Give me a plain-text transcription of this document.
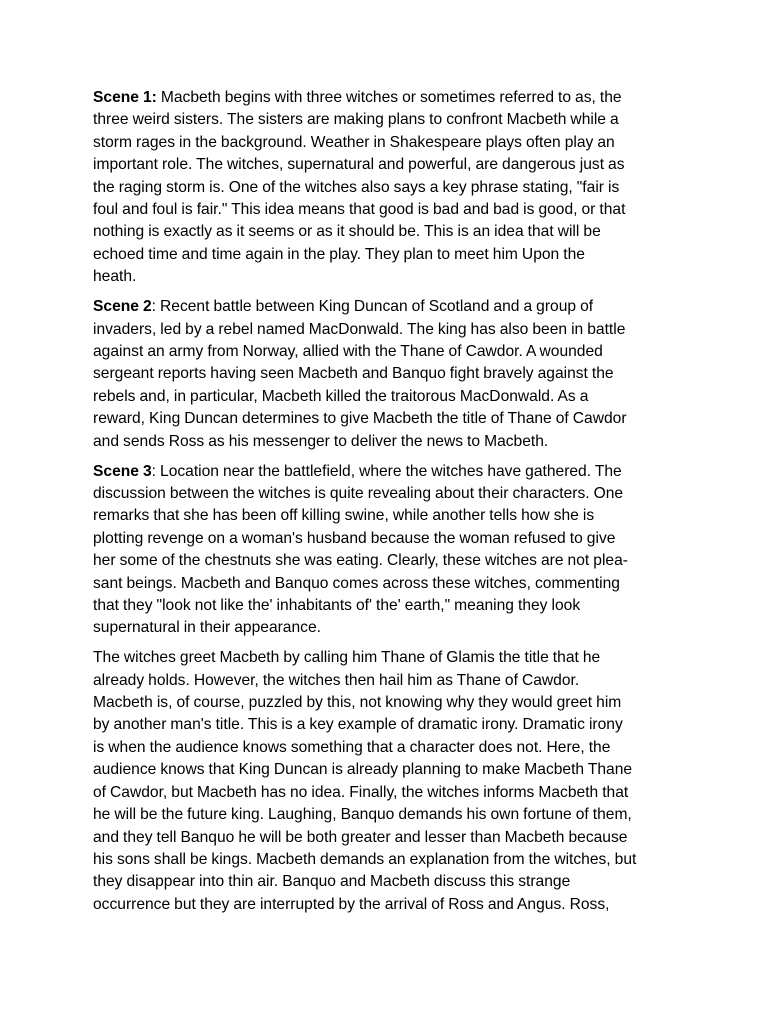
Scene 1: Macbeth begins with three witches or sometimes referred to as, the
three weird sisters. The sisters are making plans to confront Macbeth while a
storm rages in the background. Weather in Shakespeare plays often play an
important role. The witches, supernatural and powerful, are dangerous just as
the raging storm is. One of the witches also says a key phrase stating, "fair is
foul and foul is fair." This idea means that good is bad and bad is good, or that
nothing is exactly as it seems or as it should be. This is an idea that will be
echoed time and time again in the play. They plan to meet him Upon the
heath.

Scene 2: Recent battle between King Duncan of Scotland and a group of
invaders, led by a rebel named MacDonwald. The king has also been in battle
against an army from Norway, allied with the Thane of Cawdor. A wounded
sergeant reports having seen Macbeth and Banquo fight bravely against the
rebels and, in particular, Macbeth killed the traitorous MacDonwald. As a
reward, King Duncan determines to give Macbeth the title of Thane of Cawdor
and sends Ross as his messenger to deliver the news to Macbeth.

Scene 3: Location near the battlefield, where the witches have gathered. The
discussion between the witches is quite revealing about their characters. One
remarks that she has been off killing swine, while another tells how she is
plotting revenge on a woman's husband because the woman refused to give
her some of the chestnuts she was eating. Clearly, these witches are not plea-
sant beings. Macbeth and Banquo comes across these witches, commenting
that they "look not like the' inhabitants of' the' earth," meaning they look
supernatural in their appearance.

The witches greet Macbeth by calling him Thane of Glamis the title that he
already holds. However, the witches then hail him as Thane of Cawdor.
Macbeth is, of course, puzzled by this, not knowing why they would greet him
by another man's title. This is a key example of dramatic irony. Dramatic irony
is when the audience knows something that a character does not. Here, the
audience knows that King Duncan is already planning to make Macbeth Thane
of Cawdor, but Macbeth has no idea. Finally, the witches informs Macbeth that
he will be the future king. Laughing, Banquo demands his own fortune of them,
and they tell Banquo he will be both greater and lesser than Macbeth because
his sons shall be kings. Macbeth demands an explanation from the witches, but
they disappear into thin air. Banquo and Macbeth discuss this strange
occurrence but they are interrupted by the arrival of Ross and Angus. Ross,
